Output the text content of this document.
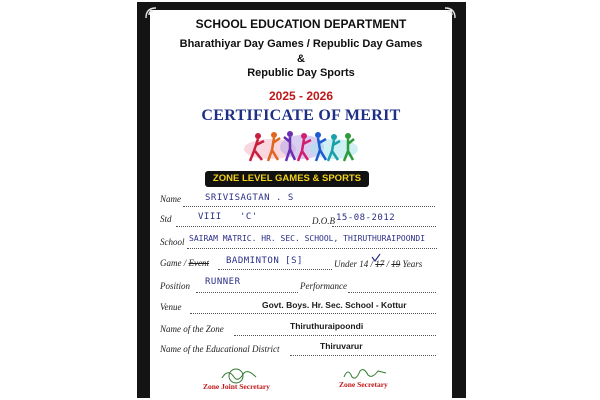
SCHOOL EDUCATION DEPARTMENT
Bharathiyar Day Games / Republic Day Games
&
Republic Day Sports
2025 - 2026
CERTIFICATE OF MERIT
ZONE LEVEL GAMES & SPORTS
Name	SRIVISAGTAN . S
Std	VIII 'C'	D.O.B 15-08-2012
School SAIRAM MATRIC. HR. SEC. SCHOOL, THIRUTHURAIPOONDI
Game / Event BADMINTON [S]	Under 14 / 17 / 19 Years
Position RUNNER	Performance
Venue	Govt. Boys. Hr. Sec. School - Kottur
Name of the Zone	Thiruthuraipoondi
Name of the Educational District	Thiruvarur
Zone Joint Secretary	Zone Secretary
